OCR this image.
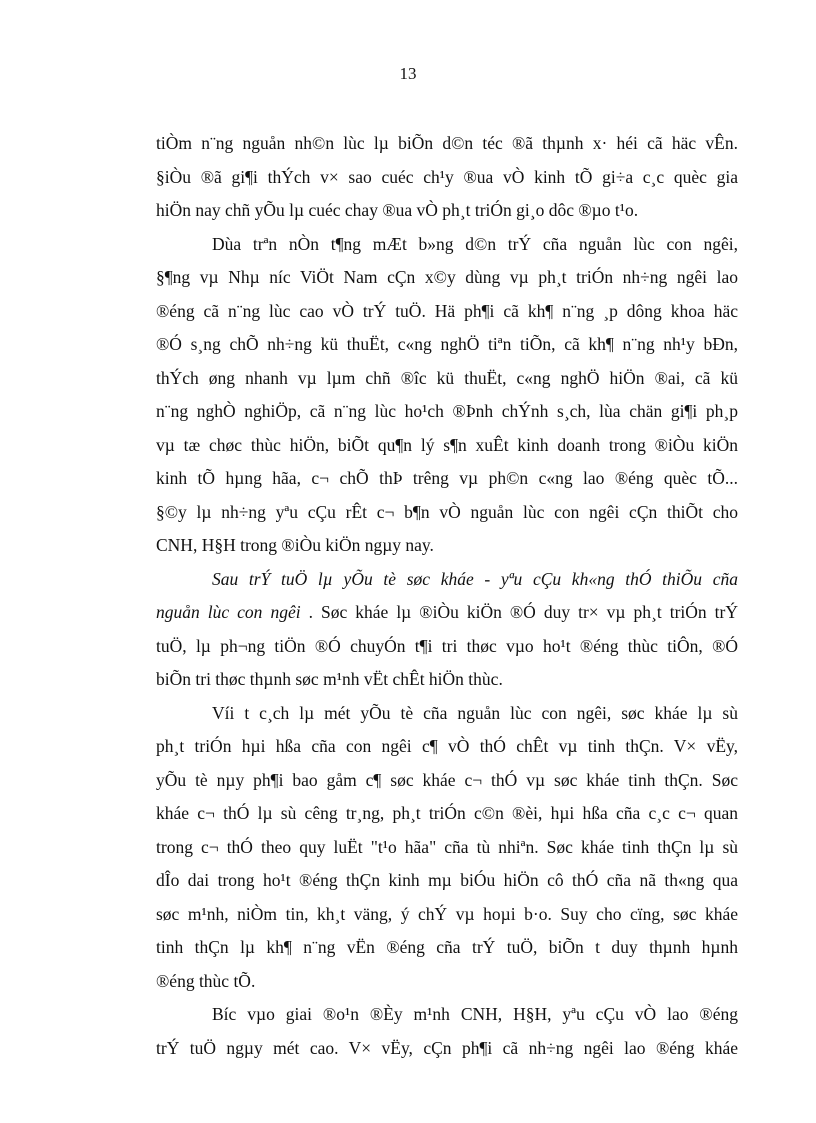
13
tiÒm n¨ng nguån nh©n lùc lµ biÕn d©n téc ®ã thµnh x· héi cã häc vÊn.
§iÒu ®ã gi¶i thÝch v× sao cuéc ch¹y ®ua vÒ kinh tÕ gi÷a c¸c quèc gia
hiÖn nay chñ yÕu lµ cuéc chay ®ua vÒ ph¸t triÓn gi¸o dôc ®µo t¹o.
Dùa trªn nÒn t¶ng mÆt b»ng d©n trÝ cña nguån lùc con ngêi,
§¶ng vµ Nhµ níc ViÖt Nam cÇn x©y dùng vµ ph¸t triÓn nh÷ng ngêi lao
®éng cã n¨ng lùc cao vÒ trÝ tuÖ. Hä ph¶i cã kh¶ n¨ng ¸p dông khoa häc
®Ó s¸ng chÕ nh÷ng kü thuËt, c«ng nghÖ tiªn tiÕn, cã kh¶ n¨ng nh¹y bÐn,
thÝch øng nhanh vµ lµm chñ ®îc kü thuËt, c«ng nghÖ hiÖn ®ai, cã kü
n¨ng nghÒ nghiÖp, cã n¨ng lùc ho¹ch ®Þnh chÝnh s¸ch, lùa chän gi¶i ph¸p
vµ tæ chøc thùc hiÖn, biÕt qu¶n lý s¶n xuÊt kinh doanh trong ®iÒu kiÖn
kinh tÕ hµng hãa, c¬ chÕ thÞ trêng vµ ph©n c«ng lao ®éng quèc tÕ...
§©y lµ nh÷ng yªu cÇu rÊt c¬ b¶n vÒ nguån lùc con ngêi cÇn thiÕt cho
CNH, H§H trong ®iÒu kiÖn ngµy nay.
Sau trÝ tuÖ lµ yÕu tè søc kháe - yªu cÇu kh«ng thÓ thiÕu cña
nguån lùc con ngêi . Søc kháe lµ ®iÒu kiÖn ®Ó duy tr× vµ ph¸t triÓn trÝ
tuÖ, lµ ph¬ng tiÖn ®Ó chuyÓn t¶i tri thøc vµo ho¹t ®éng thùc tiÔn, ®Ó
biÕn tri thøc thµnh søc m¹nh vËt chÊt hiÖn thùc.
Víi t c¸ch lµ mét yÕu tè cña nguån lùc con ngêi, søc kháe lµ sù
ph¸t triÓn hµi hßa cña con ngêi c¶ vÒ thÓ chÊt vµ tinh thÇn. V× vËy,
yÕu tè nµy ph¶i bao gåm c¶ søc kháe c¬ thÓ vµ søc kháe tinh thÇn. Søc
kháe c¬ thÓ lµ sù cêng tr¸ng, ph¸t triÓn c©n ®èi, hµi hßa cña c¸c c¬ quan
trong c¬ thÓ theo quy luËt "t¹o hãa" cña tù nhiªn. Søc kháe tinh thÇn lµ sù
dÎo dai trong ho¹t ®éng thÇn kinh mµ biÓu hiÖn cô thÓ cña nã th«ng qua
søc m¹nh, niÒm tin, kh¸t väng, ý chÝ vµ hoµi b·o. Suy cho cïng, søc kháe
tinh thÇn lµ kh¶ n¨ng vËn ®éng cña trÝ tuÖ, biÕn t duy thµnh hµnh
®éng thùc tÕ.
Bíc vµo giai ®o¹n ®Èy m¹nh CNH, H§H, yªu cÇu vÒ lao ®éng
trÝ tuÖ ngµy mét cao. V× vËy, cÇn ph¶i cã nh÷ng ngêi lao ®éng kháe
